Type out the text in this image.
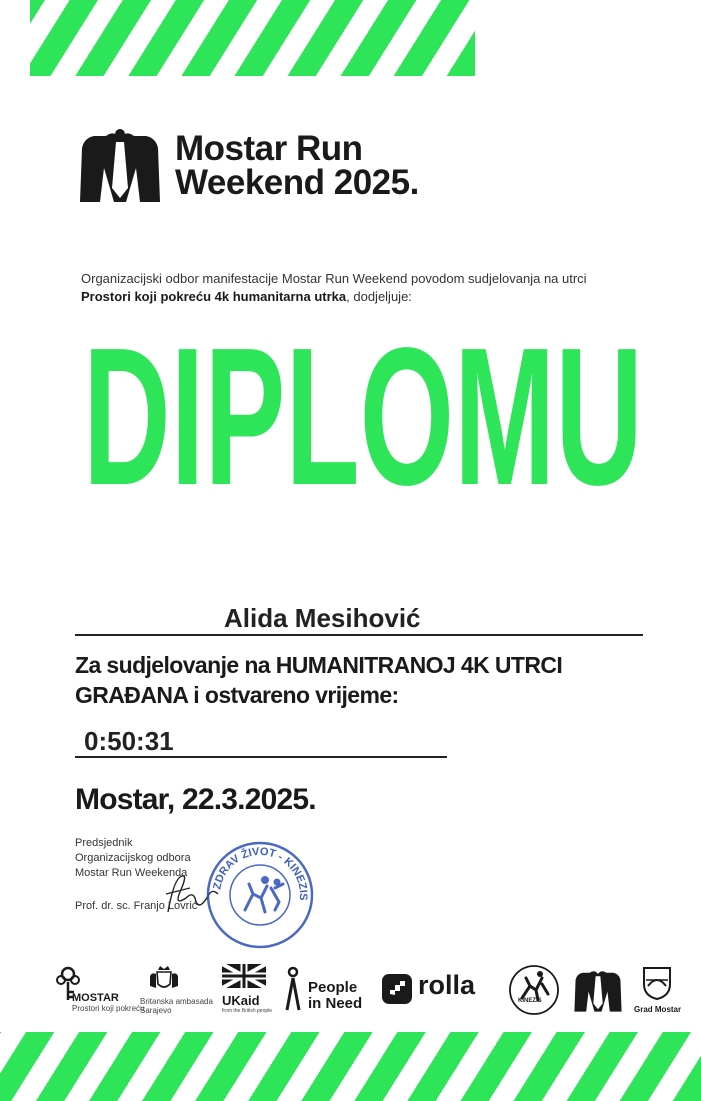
Mostar Run
Weekend 2025.
Organizacijski odbor manifestacije Mostar Run Weekend povodom sudjelovanja na utrci
Prostori koji pokreću 4k humanitarna utrka, dodjeljuje:
DIPLOMU
Alida Mesihović
Za sudjelovanje na HUMANITRANOJ 4K UTRCI
GRAĐANA i ostvareno vrijeme:
0:50:31
Mostar, 22.3.2025.
Predsjednik
Organizacijskog odbora
Mostar Run Weekenda
Prof. dr. sc. Franjo Lovrić
ZDRAV ŽIVOT - KINEZIS
MOSTAR
Prostori koji pokreću
Britanska ambasada
Sarajevo
UKaid
from the British people
People
in Need
rolla
KINEZIS
Grad Mostar
